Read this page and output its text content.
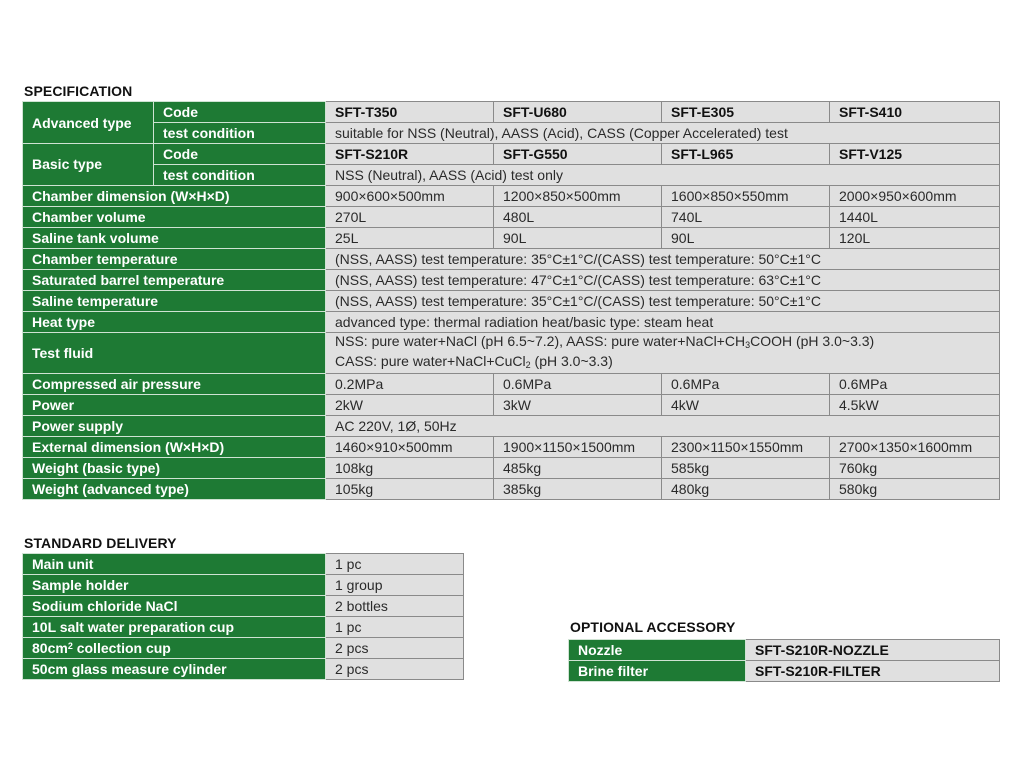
SPECIFICATION
Advanced type	Code	SFT-T350	SFT-U680	SFT-E305	SFT-S410
	test condition	suitable for NSS (Neutral), AASS (Acid), CASS (Copper Accelerated) test			
Basic type	Code	SFT-S210R	SFT-G550	SFT-L965	SFT-V125
	test condition	NSS (Neutral), AASS (Acid) test only			
Chamber dimension (W×H×D)		900×600×500mm	1200×850×500mm	1600×850×550mm	2000×950×600mm
Chamber volume		270L	480L	740L	1440L
Saline tank volume		25L	90L	90L	120L
Chamber temperature		(NSS, AASS) test temperature: 35°C±1°C/(CASS) test temperature: 50°C±1°C			
Saturated barrel temperature		(NSS, AASS) test temperature: 47°C±1°C/(CASS) test temperature: 63°C±1°C			
Saline temperature		(NSS, AASS) test temperature: 35°C±1°C/(CASS) test temperature: 50°C±1°C			
Heat type		advanced type: thermal radiation heat/basic type: steam heat			
Test fluid		NSS: pure water+NaCl (pH 6.5~7.2), AASS: pure $water+NaCl+CH_3COOH$ (pH 3.0~3.3)
CASS: pure water+NaCl+CuCl$_2$ (pH 3.0~3.3)			

Compressed air pressure		0.2MPa	0.6MPa	0.6MPa	0.6MPa
Power		2kW	3kW	4kW	4.5kW
Power supply		AC 220V, 1Ø, 50Hz			
External dimension (W×H×D)		1460×910×500mm	1900×1150×1500mm	2300×1150×1550mm	2700×1350×1600mm
Weight (basic type)		108kg	485kg	585kg	760kg
Weight (advanced type)		105kg	385kg	480kg	580kg
STANDARD DELIVERY
Main unit	1 pc
Sample holder	1 group
Sodium chloride NaCl	2 bottles
10L salt water preparation cup	1 pc
$80cm^2$ collection cup	2 pcs
50cm glass measure cylinder	2 pcs
OPTIONAL ACCESSORY
Nozzle	SFT-S210R-NOZZLE
Brine filter	SFT-S210R-FILTER
